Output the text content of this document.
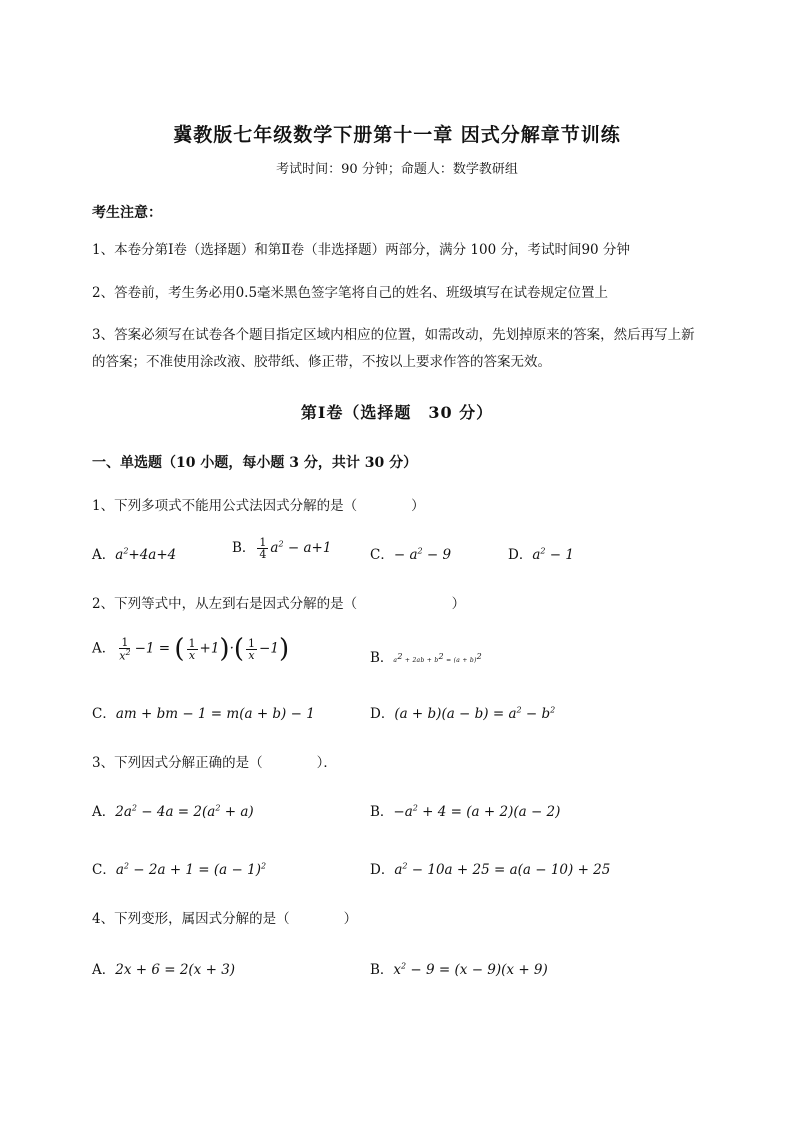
冀教版七年级数学下册第十一章 因式分解章节训练
考试时间：90 分钟；命题人：数学教研组
考生注意：
1、本卷分第Ⅰ卷（选择题）和第Ⅱ卷（非选择题）两部分，满分 100 分，考试时间90 分钟
2、答卷前，考生务必用0.5毫米黑色签字笔将自己的姓名、班级填写在试卷规定位置上
3、答案必须写在试卷各个题目指定区域内相应的位置，如需改动，先划掉原来的答案，然后再写上新
的答案；不准使用涂改液、胶带纸、修正带，不按以上要求作答的答案无效。
第Ⅰ卷（选择题　30 分）
一、单选题（10 小题，每小题 3 分，共计 30 分）
1、下列多项式不能用公式法因式分解的是（　　　　）
A．$a^2+4a+4$	B． $\frac{1}{4} a^2 - a+1$	C．− $a^2 - 9$	D．$a^2 - 1$
2、下列等式中，从左到右是因式分解的是（　　　　　　　）
A． $\frac{1}{x^2} -1$ = ( $\frac{1}{x} +1)\cdot( \frac{1}{x} -1)$	B．$a^2 + 2ab + b^2 = (a + b)^2$
C．am + bm − 1 = m(a + b) − 1	D．$(a + b)(a - b) = a^2 - b^2$
3、下列因式分解正确的是（　　　　）．
A．$2a^2 - 4a = 2(a^2 + a)$	B．$-a^2 + 4 = (a + 2)(a - 2)$
C．$a^2 - 2a + 1 = (a - 1)^2$	D．$a^2 - 10a + 25 = a(a - 10) + 25$
4、下列变形，属因式分解的是（　　　　）
A．2x + 6 = 2(x + 3)	B．$x^2 - 9 = (x - 9)(x + 9)$
